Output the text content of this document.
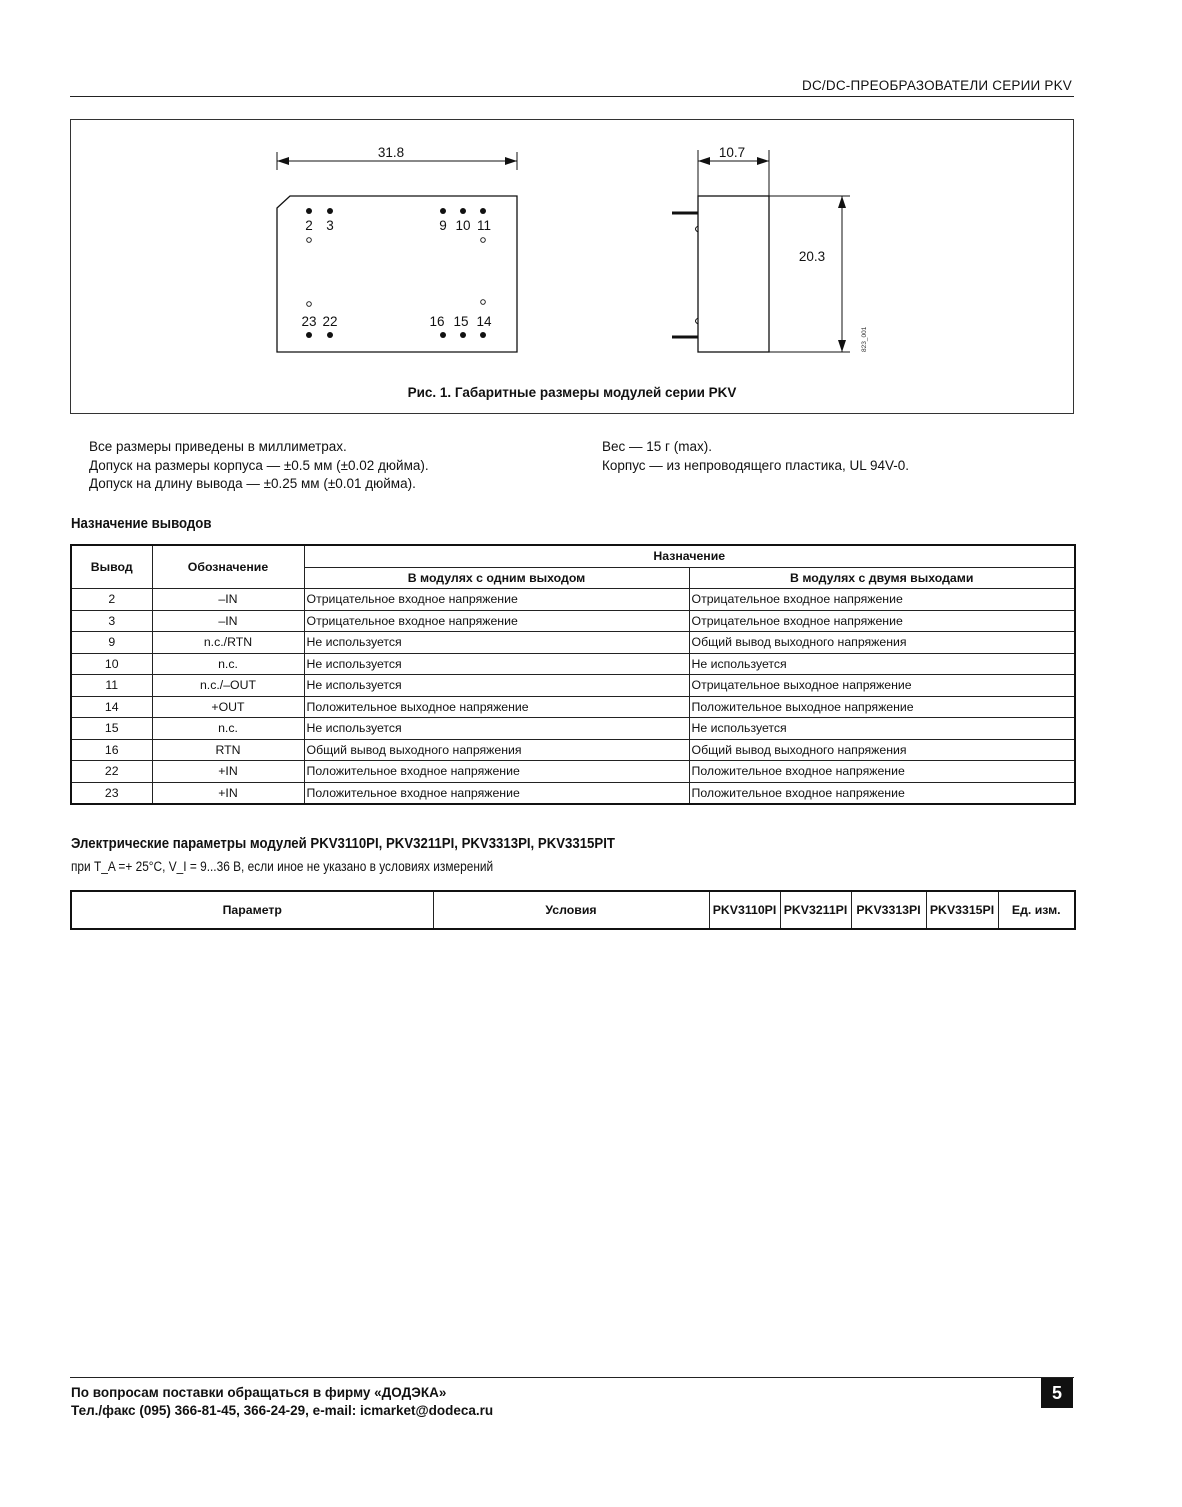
DC/DC-ПРЕОБРАЗОВАТЕЛИ СЕРИИ PKV
31.8
2 3	9 10 11
23 22	16 15 14
20.3
10.7
823_001
Рис. 1. Габаритные размеры модулей серии PKV
Все размеры приведены в миллиметрах.
Допуск на размеры корпуса — ±0.5 мм (±0.02 дюйма).
Допуск на длину вывода — ±0.25 мм (±0.01 дюйма).
Вес — 15 г (max).
Корпус — из непроводящего пластика, UL 94V-0.
Назначение выводов
Вывод	Обозначение	Назначение	
		В модулях с одним выходом	В модулях с двумя выходами
2	–IN	Отрицательное входное напряжение	Отрицательное входное напряжение
3	–IN	Отрицательное входное напряжение	Отрицательное входное напряжение
9	n.c./RTN	Не используется	Общий вывод выходного напряжения
10	n.c.	Не используется	Не используется
11	n.c./–OUT	Не используется	Отрицательное выходное напряжение
14	+OUT	Положительное выходное напряжение	Положительное выходное напряжение
15	n.c.	Не используется	Не используется
16	RTN	Общий вывод выходного напряжения	Общий вывод выходного напряжения
22	+IN	Положительное входное напряжение	Положительное входное напряжение
23	+IN	Положительное входное напряжение	Положительное входное напряжение
Электрические параметры модулей PKV3110PI, PKV3211PI, PKV3313PI, PKV3315PIT
при T_A =+ 25°C, V_I = 9...36 В, если иное не указано в условиях измерений
Параметр	Условия	PKV3110PI	PKV3211PI	PKV3313PI	PKV3315PI	Ед. изм.
По вопросам поставки обращаться в фирму «ДОДЭКА»
Тел./факс (095) 366-81-45, 366-24-29, e-mail: icmarket@dodeca.ru
5
